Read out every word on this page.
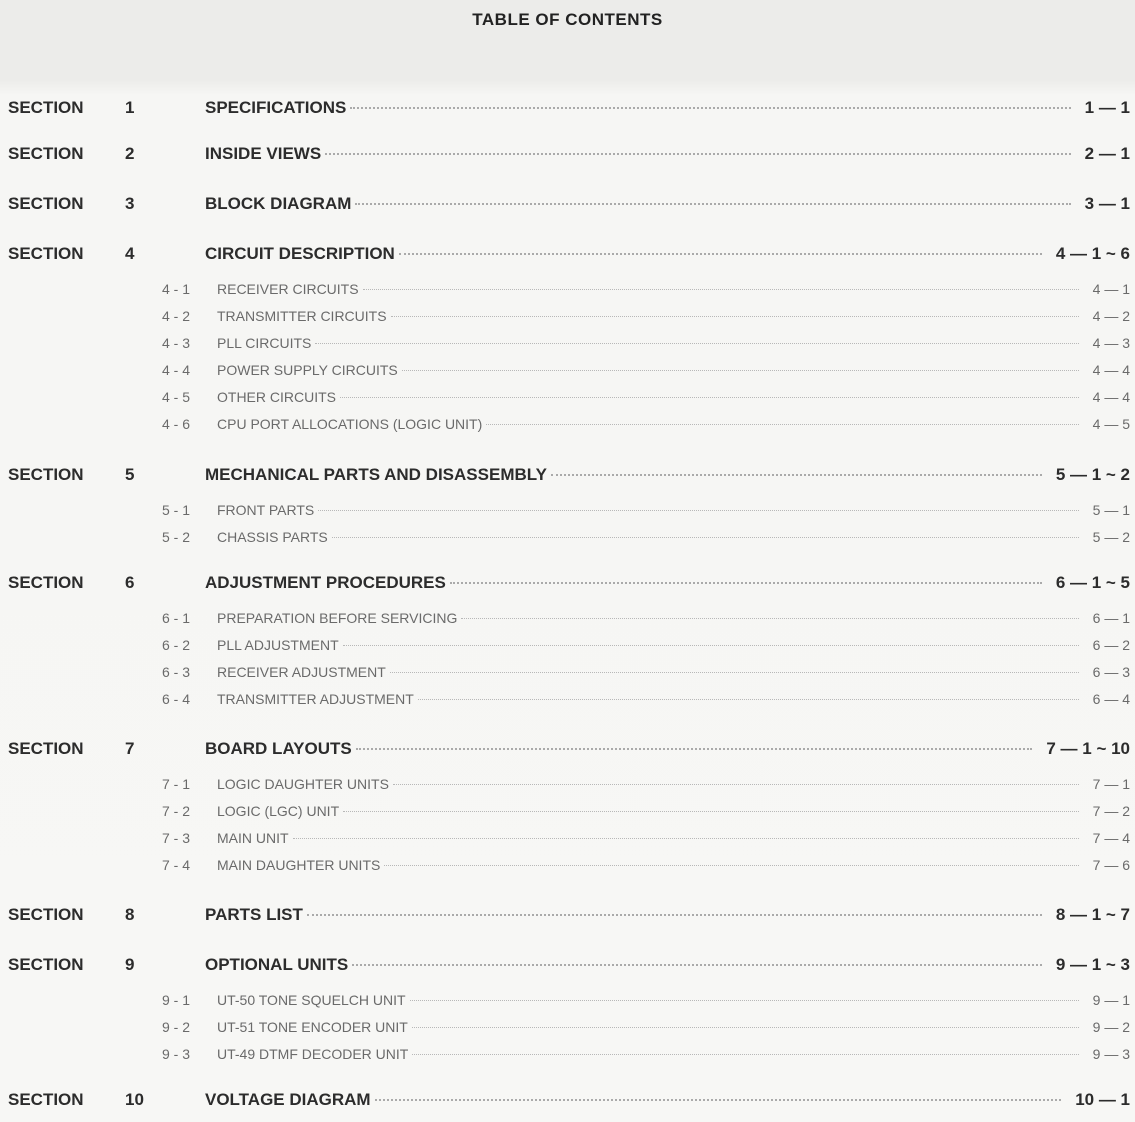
TABLE OF CONTENTS
SECTION	1	SPECIFICATIONS	1 — 1
SECTION	2	INSIDE VIEWS	2 — 1
SECTION	3	BLOCK DIAGRAM	3 — 1
SECTION	4	CIRCUIT DESCRIPTION	4 — 1 ~ 6
4 - 1	RECEIVER CIRCUITS	4 — 1
4 - 2	TRANSMITTER CIRCUITS	4 — 2
4 - 3	PLL CIRCUITS	4 — 3
4 - 4	POWER SUPPLY CIRCUITS	4 — 4
4 - 5	OTHER CIRCUITS	4 — 4
4 - 6	CPU PORT ALLOCATIONS (LOGIC UNIT)	4 — 5
SECTION	5	MECHANICAL PARTS AND DISASSEMBLY	5 — 1 ~ 2
5 - 1	FRONT PARTS	5 — 1
5 - 2	CHASSIS PARTS	5 — 2
SECTION	6	ADJUSTMENT PROCEDURES	6 — 1 ~ 5
6 - 1	PREPARATION BEFORE SERVICING	6 — 1
6 - 2	PLL ADJUSTMENT	6 — 2
6 - 3	RECEIVER ADJUSTMENT	6 — 3
6 - 4	TRANSMITTER ADJUSTMENT	6 — 4
SECTION	7	BOARD LAYOUTS	7 — 1 ~ 10
7 - 1	LOGIC DAUGHTER UNITS	7 — 1
7 - 2	LOGIC (LGC) UNIT	7 — 2
7 - 3	MAIN UNIT	7 — 4
7 - 4	MAIN DAUGHTER UNITS	7 — 6
SECTION	8	PARTS LIST	8 — 1 ~ 7
SECTION	9	OPTIONAL UNITS	9 — 1 ~ 3
9 - 1	UT-50 TONE SQUELCH UNIT	9 — 1
9 - 2	UT-51 TONE ENCODER UNIT	9 — 2
9 - 3	UT-49 DTMF DECODER UNIT	9 — 3
SECTION	10	VOLTAGE DIAGRAM	10 — 1
